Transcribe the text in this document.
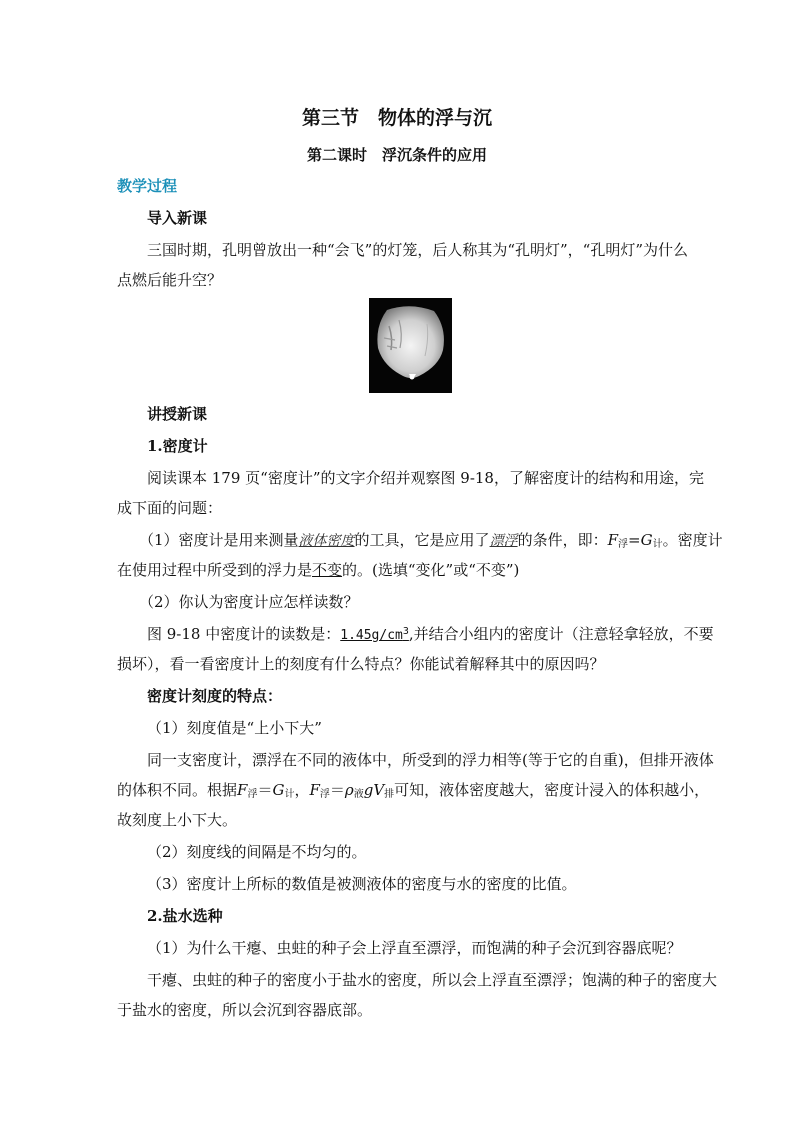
第三节　物体的浮与沉
第二课时　浮沉条件的应用
教学过程
导入新课
三国时期，孔明曾放出一种“会飞”的灯笼，后人称其为“孔明灯”，“孔明灯”为什么
点燃后能升空？
讲授新课
1.密度计
阅读课本 179 页“密度计”的文字介绍并观察图 9-18，了解密度计的结构和用途，完
成下面的问题：
（1）密度计是用来测量液体密度的工具，它是应用了漂浮的条件，即：$F_浮=G_计$。密度计
在使用过程中所受到的浮力是不变的。(选填“变化”或“不变”)
（2）你认为密度计应怎样读数？
图 9-18 中密度计的读数是：$1.45g/cm^3$,并结合小组内的密度计（注意轻拿轻放，不要
损坏），看一看密度计上的刻度有什么特点？你能试着解释其中的原因吗？
密度计刻度的特点：
（1）刻度值是“上小下大”
同一支密度计，漂浮在不同的液体中，所受到的浮力相等(等于它的自重)，但排开液体
的体积不同。根据$F_浮=G_计$，$F_浮=\rho_液gV_排$可知，液体密度越大，密度计浸入的体积越小，
故刻度上小下大。
（2）刻度线的间隔是不均匀的。
（3）密度计上所标的数值是被测液体的密度与水的密度的比值。
2.盐水选种
（1）为什么干瘪、虫蛀的种子会上浮直至漂浮，而饱满的种子会沉到容器底呢？
干瘪、虫蛀的种子的密度小于盐水的密度，所以会上浮直至漂浮；饱满的种子的密度大
于盐水的密度，所以会沉到容器底部。
